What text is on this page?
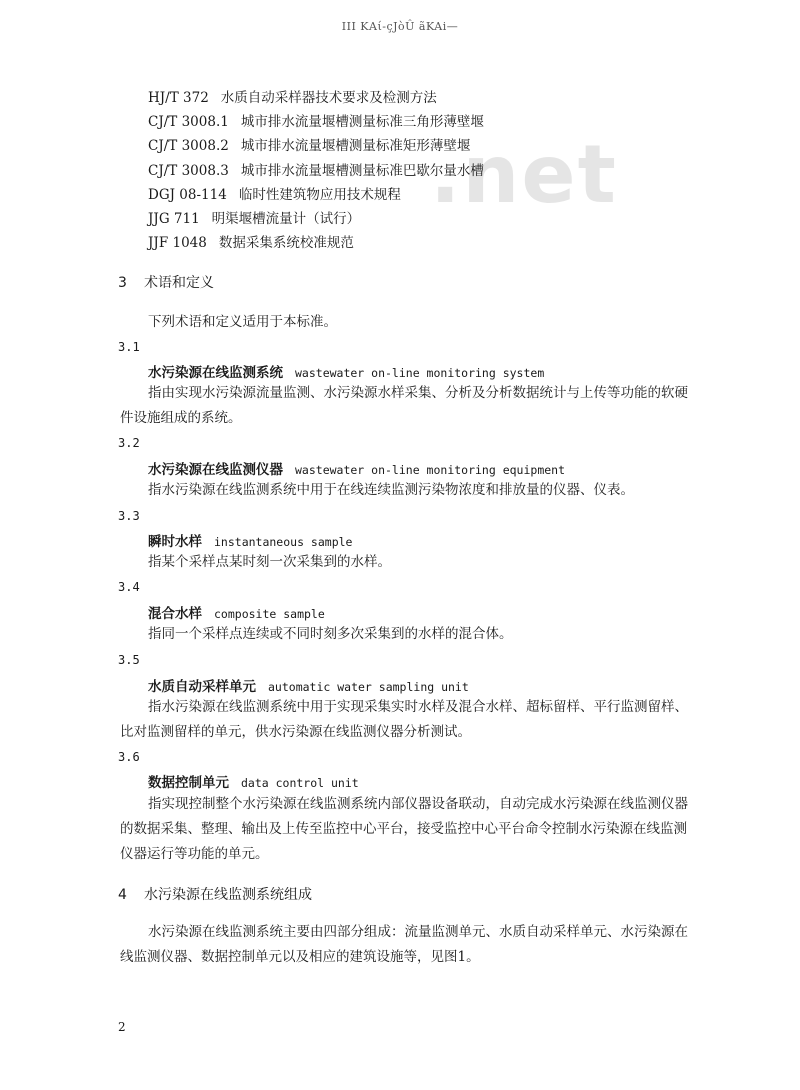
ΙΙΙ ΚΑί-çJòÛ ãKAi—
.net
HJ/T 372 水质自动采样器技术要求及检测方法
CJ/T 3008.1 城市排水流量堰槽测量标准三角形薄壁堰
CJ/T 3008.2 城市排水流量堰槽测量标准矩形薄壁堰
CJ/T 3008.3 城市排水流量堰槽测量标准巴歇尔量水槽
DGJ 08-114 临时性建筑物应用技术规程
JJG 711 明渠堰槽流量计（试行）
JJF 1048 数据采集系统校准规范
3 术语和定义
下列术语和定义适用于本标准。
3.1
水污染源在线监测系统 wastewater on-line monitoring system
指由实现水污染源流量监测、水污染源水样采集、分析及分析数据统计与上传等功能的软硬件设施组成的系统。
3.2
水污染源在线监测仪器 wastewater on-line monitoring equipment
指水污染源在线监测系统中用于在线连续监测污染物浓度和排放量的仪器、仪表。
3.3
瞬时水样 instantaneous sample
指某个采样点某时刻一次采集到的水样。
3.4
混合水样 composite sample
指同一个采样点连续或不同时刻多次采集到的水样的混合体。
3.5
水质自动采样单元 automatic water sampling unit
指水污染源在线监测系统中用于实现采集实时水样及混合水样、超标留样、平行监测留样、比对监测留样的单元，供水污染源在线监测仪器分析测试。
3.6
数据控制单元 data control unit
指实现控制整个水污染源在线监测系统内部仪器设备联动，自动完成水污染源在线监测仪器的数据采集、整理、输出及上传至监控中心平台，接受监控中心平台命令控制水污染源在线监测仪器运行等功能的单元。
4 水污染源在线监测系统组成
水污染源在线监测系统主要由四部分组成：流量监测单元、水质自动采样单元、水污染源在线监测仪器、数据控制单元以及相应的建筑设施等，见图1。
2
